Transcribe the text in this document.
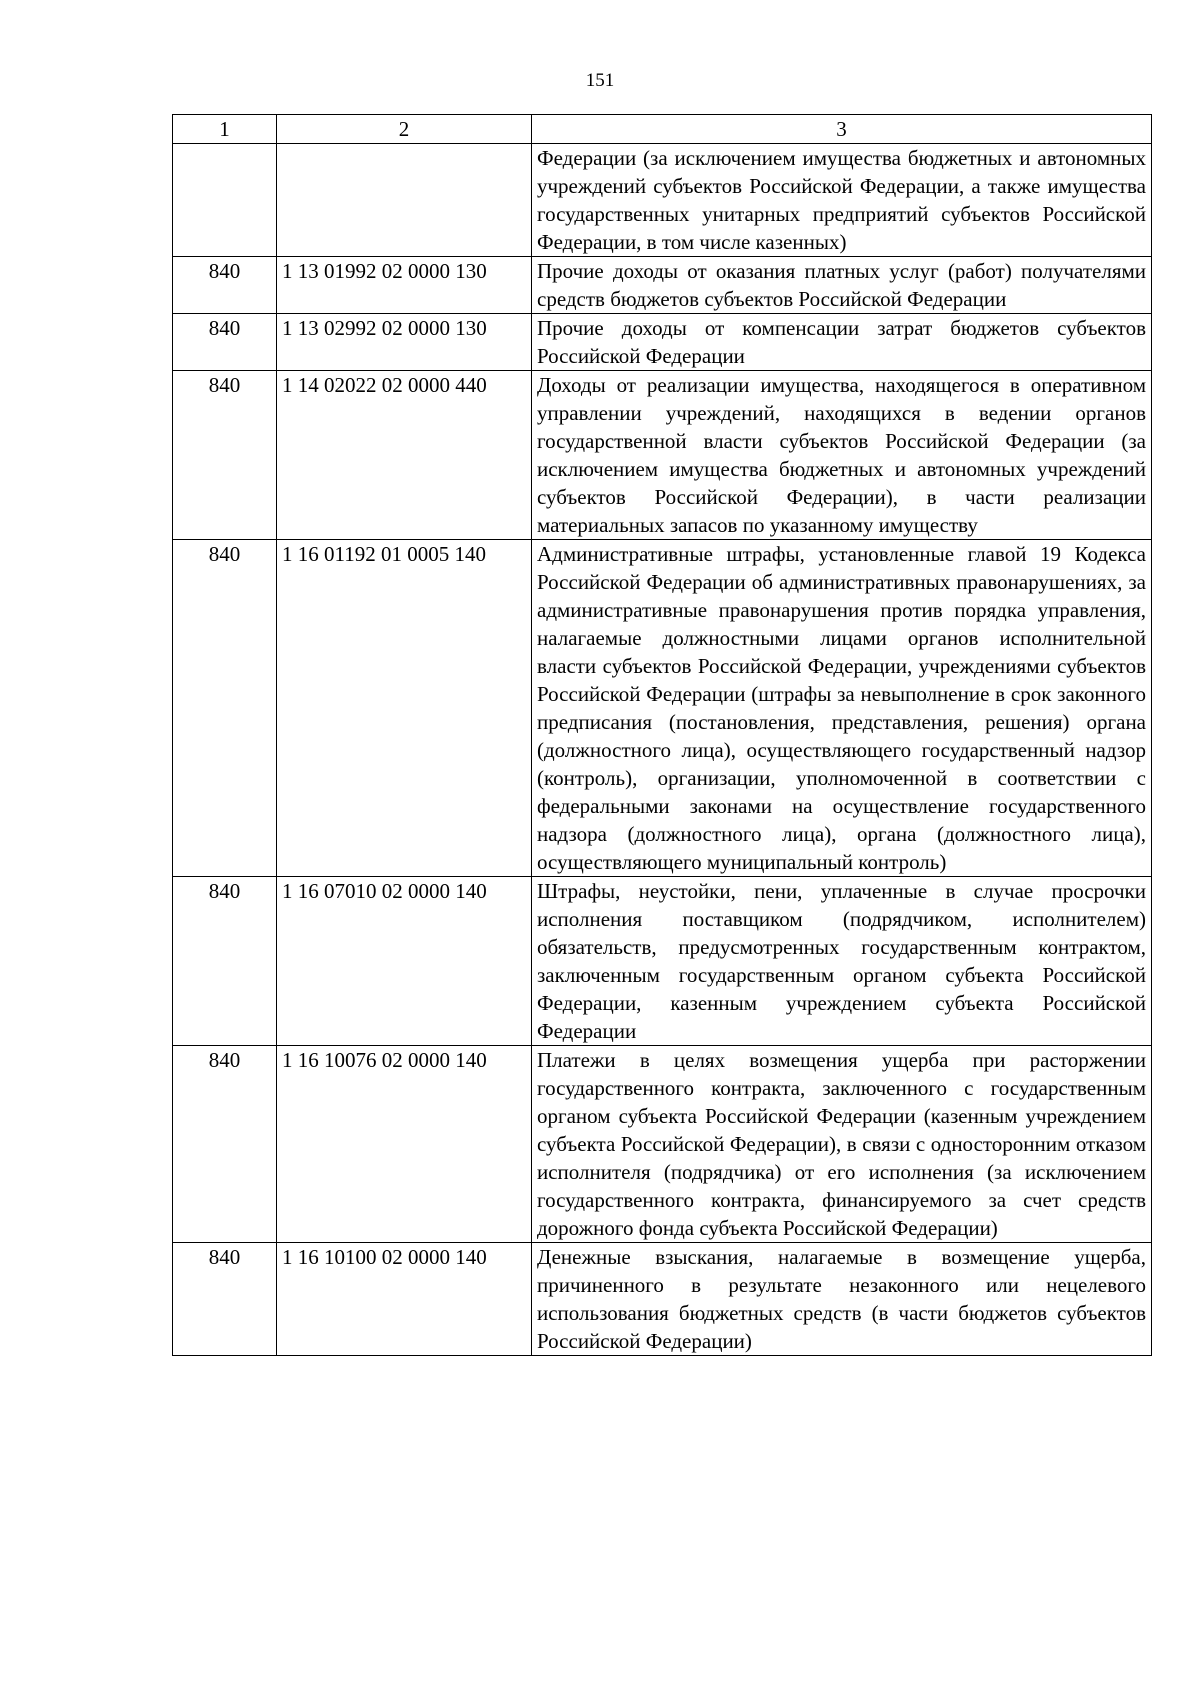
151
1	2	3
		Федерации (за исключением имущества бюджетных и автономных учреждений субъектов Российской Федерации, а также имущества государственных унитарных предприятий субъектов Российской Федерации, в том числе казенных)
840	1 13 01992 02 0000 130	Прочие доходы от оказания платных услуг (работ) получателями средств бюджетов субъектов Российской Федерации
840	1 13 02992 02 0000 130	Прочие доходы от компенсации затрат бюджетов субъектов Российской Федерации
840	1 14 02022 02 0000 440	Доходы от реализации имущества, находящегося в оперативном управлении учреждений, находящихся в ведении органов государственной власти субъектов Российской Федерации (за исключением имущества бюджетных и автономных учреждений субъектов Российской Федерации), в части реализации материальных запасов по указанному имуществу
840	1 16 01192 01 0005 140	Административные штрафы, установленные главой 19 Кодекса Российской Федерации об административных правонарушениях, за административные правонарушения против порядка управления, налагаемые должностными лицами органов исполнительной власти субъектов Российской Федерации, учреждениями субъектов Российской Федерации (штрафы за невыполнение в срок законного предписания (постановления, представления, решения) органа (должностного лица), осуществляющего государственный надзор (контроль), организации, уполномоченной в соответствии с федеральными законами на осуществление государственного надзора (должностного лица), органа (должностного лица), осуществляющего муниципальный контроль)
840	1 16 07010 02 0000 140	Штрафы, неустойки, пени, уплаченные в случае просрочки исполнения поставщиком (подрядчиком, исполнителем) обязательств, предусмотренных государственным контрактом, заключенным государственным органом субъекта Российской Федерации, казенным учреждением субъекта Российской Федерации
840	1 16 10076 02 0000 140	Платежи в целях возмещения ущерба при расторжении государственного контракта, заключенного с государственным органом субъекта Российской Федерации (казенным учреждением субъекта Российской Федерации), в связи с односторонним отказом исполнителя (подрядчика) от его исполнения (за исключением государственного контракта, финансируемого за счет средств дорожного фонда субъекта Российской Федерации)
840	1 16 10100 02 0000 140	Денежные взыскания, налагаемые в возмещение ущерба, причиненного в результате незаконного или нецелевого использования бюджетных средств (в части бюджетов субъектов Российской Федерации)
